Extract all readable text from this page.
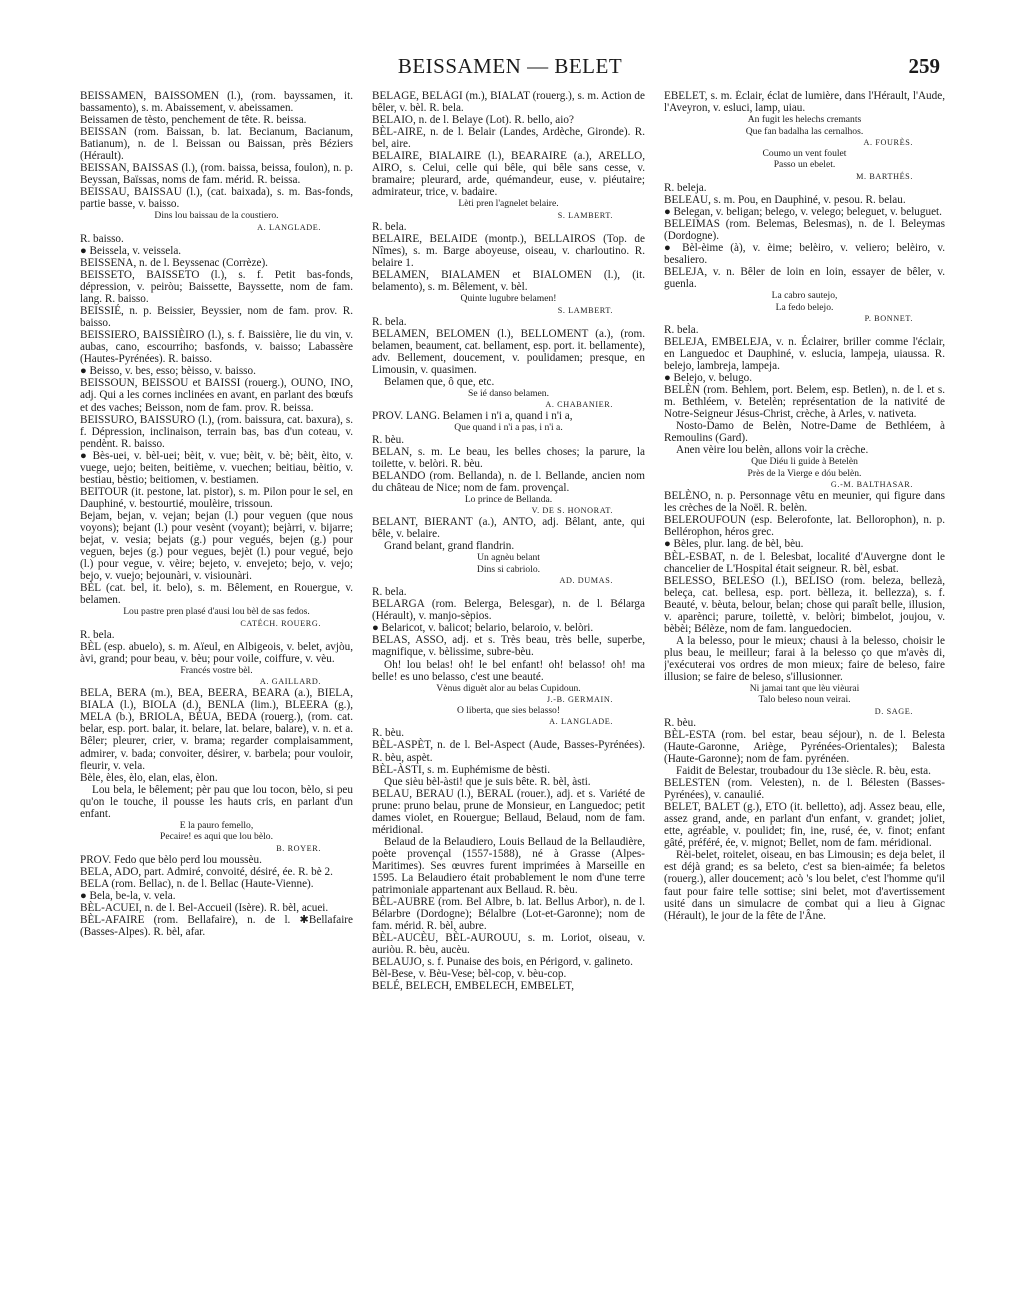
BEISSAMEN — BELET	259

BEISSAMEN, BAISSOMEN (l.), (rom. bayssamen, it. bassamento), s. m. Abaissement, v. abeissamen.

Beissamen de tèsto, penchement de tête. R. beissa.

BEISSAN (rom. Baissan, b. lat. Becianum, Bacianum, Batianum), n. de l. Beissan ou Baissan, près Béziers (Hérault).

BEISSAN, BAISSAS (l.), (rom. baissa, beissa, foulon), n. p. Beyssan, Baïssas, noms de fam. mérid. R. beissa.

BEISSAU, BAISSAU (l.), (cat. baixada), s. m. Bas-fonds, partie basse, v. baisso.

Dins lou baissau de la coustiero.

A. LANGLADE.

R. baisso.

● Beissela, v. veissela.

BEISSENA, n. de l. Beyssenac (Corrèze).

BEISSETO, BAISSETO (l.), s. f. Petit bas-fonds, dépression, v. peiròu; Baissette, Bayssette, nom de fam. lang. R. baisso.

BEISSIÉ, n. p. Beissier, Beyssier, nom de fam. prov. R. baisso.

BEISSIERO, BAISSIÈIRO (l.), s. f. Baissière, lie du vin, v. aubas, cano, escourriho; basfonds, v. baisso; Labassère (Hautes-Pyrénées). R. baisso.

● Beisso, v. bes, esso; bèisso, v. baisso.

BEISSOUN, BEISSOU et BAISSI (rouerg.), OUNO, INO, adj. Qui a les cornes inclinées en avant, en parlant des bœufs et des vaches; Beisson, nom de fam. prov. R. beissa.

BEISSURO, BAISSURO (l.), (rom. baissura, cat. baxura), s. f. Dépression, inclinaison, terrain bas, bas d'un coteau, v. pendènt. R. baisso.

● Bès-uei, v. bèl-uei; bèit, v. vue; bèit, v. bè; bèit, èito, v. vuege, uejo; beiten, beitième, v. vuechen; beitiau, bèitio, v. bestiau, bèstio; beitiomen, v. bestiamen.

BEITOUR (it. pestone, lat. pistor), s. m. Pilon pour le sel, en Dauphiné, v. bestourtié, moulèire, trissoun.

Bejam, bejan, v. vejan; bejan (l.) pour veguen (que nous voyons); bejant (l.) pour vesènt (voyant); bejàrri, v. bijarre; bejat, v. vesia; bejats (g.) pour vegués, bejen (g.) pour veguen, bejes (g.) pour vegues, bejèt (l.) pour vegué, bejo (l.) pour vegue, v. vèire; bejeto, v. envejeto; bejo, v. vejo; bejo, v. vuejo; bejounàri, v. visiounàri.

BÈL (cat. bel, it. belo), s. m. Bêlement, en Rouergue, v. belamen.

Lou pastre pren plasé d'ausi lou bèl de sas fedos.

CATÉCH. ROUERG.

R. bela.

BÈL (esp. abuelo), s. m. Aïeul, en Albigeois, v. belet, avjòu, àvi, grand; pour beau, v. bèu; pour voile, coiffure, v. vèu.

Francés vostre bèl.

A. GAILLARD.

BELA, BERA (m.), BEA, BEERA, BEARA (a.), BIELA, BIALA (l.), BIOLA (d.), BENLA (lim.), BLEERA (g.), MELA (b.), BRIOLA, BÉUA, BEDA (rouerg.), (rom. cat. belar, esp. port. balar, it. belare, lat. belare, balare), v. n. et a. Bêler; pleurer, crier, v. brama; regarder complaisamment, admirer, v. bada; convoiter, désirer, v. barbela; pour vouloir, fleurir, v. vela.

Bèle, èles, èlo, elan, elas, èlon.

Lou bela, le bêlement; pèr pau que lou tocon, bèlo, si peu qu'on le touche, il pousse les hauts cris, en parlant d'un enfant.

E la pauro femello,

Pecaire! es aqui que lou bèlo.

B. ROYER.

PROV. Fedo que bèlo perd lou moussèu.

BELA, ADO, part. Admiré, convoité, désiré, ée. R. bè 2.

BELA (rom. Bellac), n. de l. Bellac (Haute-Vienne).

● Bela, be-la, v. vela.

BÈL-ACUEI, n. de l. Bel-Accueil (Isère). R. bèl, acuei.

BÈL-AFAIRE (rom. Bellafaire), n. de l. ✱Bellafaire (Basses-Alpes). R. bèl, afar.

BELAGE, BELÀGI (m.), BIALAT (rouerg.), s. m. Action de bêler, v. bèl. R. bela.

BELAIO, n. de l. Belaye (Lot). R. bello, aio?

BÈL-AIRE, n. de l. Belair (Landes, Ardèche, Gironde). R. bel, aire.

BELAIRE, BIALAIRE (l.), BEARAIRE (a.), ARELLO, AIRO, s. Celui, celle qui bêle, qui bêle sans cesse, v. bramaire; pleurard, arde, quémandeur, euse, v. piéutaire; admirateur, trice, v. badaire.

Lèti pren l'agnelet belaire.

S. LAMBERT.

R. bela.

BELAIRE, BELAIDE (montp.), BELLAIROS (Top. de Nîmes), s. m. Barge aboyeuse, oiseau, v. charloutino. R. belaire 1.

BELAMEN, BIALAMEN et BIALOMEN (l.), (it. belamento), s. m. Bêlement, v. bèl.

Quinte lugubre belamen!

S. LAMBERT.

R. bela.

BELAMEN, BELOMEN (l.), BELLOMENT (a.), (rom. belamen, beaument, cat. bellament, esp. port. it. bellamente), adv. Bellement, doucement, v. poulidamen; presque, en Limousin, v. quasimen.

Belamen que, ô que, etc.

Se ié danso belamen.

A. CHABANIER.

PROV. LANG. Belamen i n'i a, quand i n'i a,

Que quand i n'i a pas, i n'i a.

R. bèu.

BELAN, s. m. Le beau, les belles choses; la parure, la toilette, v. belòri. R. bèu.

BELANDO (rom. Bellanda), n. de l. Bellande, ancien nom du château de Nice; nom de fam. provençal.

Lo prince de Bellanda.

V. DE S. HONORAT.

BELANT, BIERANT (a.), ANTO, adj. Bêlant, ante, qui bêle, v. belaire.

Grand belant, grand flandrin.

Un agnèu belant

Dins si cabriolo.

AD. DUMAS.

R. bela.

BELARGA (rom. Belerga, Belesgar), n. de l. Bélarga (Hérault), v. manjo-sèpios.

● Belaricot, v. balicot; belario, belaroio, v. belòri.

BELAS, ASSO, adj. et s. Très beau, très belle, superbe, magnifique, v. bèlissime, subre-bèu.

Oh! lou belas! oh! le bel enfant! oh! belasso! oh! ma belle! es uno belasso, c'est une beauté.

Vènus diguèt alor au belas Cupidoun.

J.-B. GERMAIN.

O liberta, que sies belasso!

A. LANGLADE.

R. bèu.

BÈL-ASPÈT, n. de l. Bel-Aspect (Aude, Basses-Pyrénées). R. bèu, aspèt.

BÈL-ÀSTI, s. m. Euphémisme de bèsti.

Que sièu bèl-àsti! que je suis bête. R. bèl, àsti.

BELAU, BERAU (l.), BERAL (rouer.), adj. et s. Variété de prune: pruno belau, prune de Monsieur, en Languedoc; petit dames violet, en Rouergue; Bellaud, Belaud, nom de fam. méridional.

Belaud de la Belaudiero, Louis Bellaud de la Bellaudière, poète provençal (1557-1588), né à Grasse (Alpes-Maritimes). Ses œuvres furent imprimées à Marseille en 1595. La Belaudiero était probablement le nom d'une terre patrimoniale appartenant aux Bellaud. R. bèu.

BÈL-AUBRE (rom. Bel Albre, b. lat. Bellus Arbor), n. de l. Bélarbre (Dordogne); Bélalbre (Lot-et-Garonne); nom de fam. mérid. R. bèl, aubre.

BÈL-AUCÈU, BÈL-AUROUU, s. m. Loriot, oiseau, v. auriòu. R. bèu, aucèu.

BELAUJO, s. f. Punaise des bois, en Périgord, v. galineto.

Bèl-Bese, v. Bèu-Vese; bèl-cop, v. bèu-cop.

BELÉ, BELECH, EMBELECH, EMBELET,

EBELET, s. m. Éclair, éclat de lumière, dans l'Hérault, l'Aude, l'Aveyron, v. esluci, lamp, uiau.

An fugit les helechs cremants

Que fan badalha las cernalhos.

A. FOURÈS.

Coumo un vent foulet

Passo un ebelet.

M. BARTHÉS.

R. beleja.

BELEAU, s. m. Pou, en Dauphiné, v. pesou. R. belau.

● Belegan, v. beligan; belego, v. velego; beleguet, v. beluguet.

BELEIMAS (rom. Belemas, Belesmas), n. de l. Beleymas (Dordogne).

● Bèl-èime (à), v. èime; belèiro, v. veliero; belèiro, v. besaliero.

BELEJA, v. n. Bêler de loin en loin, essayer de bêler, v. guenla.

La cabro sautejo,

La fedo belejo.

P. BONNET.

R. bela.

BELEJA, EMBELEJA, v. n. Éclairer, briller comme l'éclair, en Languedoc et Dauphiné, v. eslucia, lampeja, uiaussa. R. belejo, lambreja, lampeja.

● Belejo, v. belugo.

BELÈN (rom. Behlem, port. Belem, esp. Betlen), n. de l. et s. m. Bethléem, v. Betelèn; représentation de la nativité de Notre-Seigneur Jésus-Christ, crèche, à Arles, v. nativeta.

Nosto-Damo de Belèn, Notre-Dame de Bethléem, à Remoulins (Gard).

Anen vèire lou belèn, allons voir la crèche.

Que Diéu li guide à Betelèn

Près de la Vierge e dóu belèn.

G.-M. BALTHASAR.

BELÈNO, n. p. Personnage vêtu en meunier, qui figure dans les crèches de la Noël. R. belèn.

BELEROUFOUN (esp. Belerofonte, lat. Bellorophon), n. p. Bellérophon, héros grec.

● Bèles, plur. lang. de bèl, bèu.

BÈL-ESBAT, n. de l. Belesbat, localité d'Auvergne dont le chancelier de L'Hospital était seigneur. R. bèl, esbat.

BELESSO, BELESO (l.), BELISO (rom. beleza, bellezà, beleça, cat. bellesa, esp. port. bèlleza, it. bellezza), s. f. Beauté, v. bèuta, belour, belan; chose qui paraît belle, illusion, v. aparènci; parure, toilettè, v. belòri; bimbelot, joujou, v. bèbèi; Bélèze, nom de fam. languedocien.

A la belesso, pour le mieux; chausi à la belesso, choisir le plus beau, le meilleur; farai à la belesso ço que m'avès di, j'exécuterai vos ordres de mon mieux; faire de beleso, faire illusion; se faire de beleso, s'illusionner.

Ni jamai tant que lèu vièurai

Talo beleso noun veirai.

D. SAGE.

R. bèu.

BÈL-ESTA (rom. bel estar, beau séjour), n. de l. Belesta (Haute-Garonne, Ariège, Pyrénées-Orientales); Balesta (Haute-Garonne); nom de fam. pyrénéen.

Faidit de Belestar, troubadour du 13e siècle. R. bèu, esta.

BELESTEN (rom. Velesten), n. de l. Bélesten (Basses-Pyrénées), v. canaulié.

BELET, BALET (g.), ETO (it. belletto), adj. Assez beau, elle, assez grand, ande, en parlant d'un enfant, v. grandet; joliet, ette, agréable, v. poulidet; fin, ine, rusé, ée, v. finot; enfant gâté, préféré, ée, v. mignot; Bellet, nom de fam. méridional.

Rèi-belet, roitelet, oiseau, en bas Limousin; es deja belet, il est déjà grand; es sa beleto, c'est sa bien-aimée; fa beletos (rouerg.), aller doucement; acò 's lou belet, c'est l'homme qu'il faut pour faire telle sottise; sini belet, mot d'avertissement usité dans un simulacre de combat qui a lieu à Gignac (Hérault), le jour de la fête de l'Âne.
